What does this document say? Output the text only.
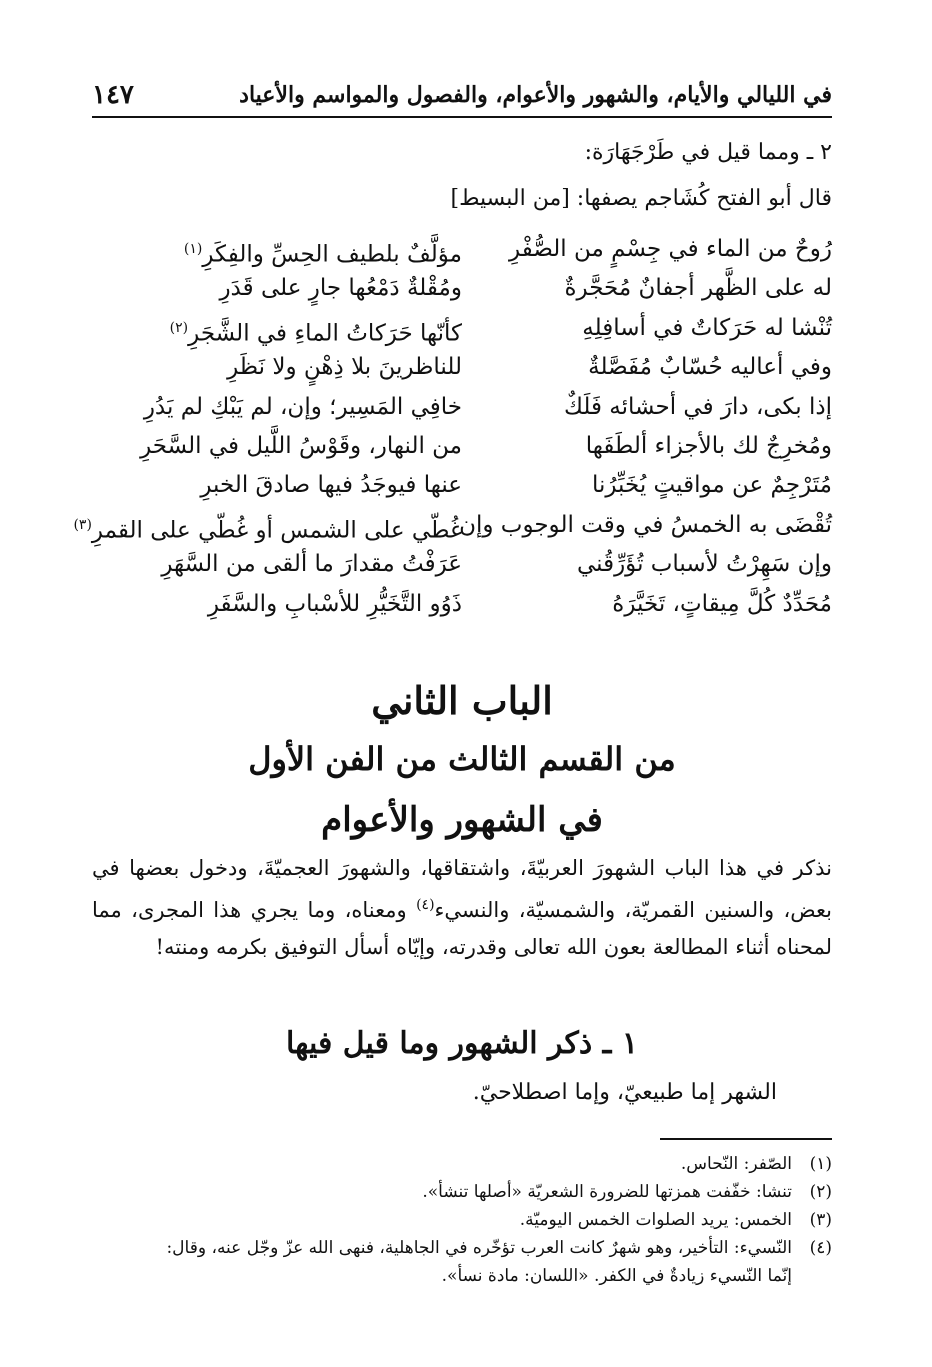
في الليالي والأيام، والشهور والأعوام، والفصول والمواسم والأعياد
١٤٧
٢ ـ ومما قيل في طَرْجَهَارَة:
قال أبو الفتح كُشَاجم يصفها: [من البسيط]
رُوحٌ من الماء في جِسْمٍ من الصُّفْرِ
مؤلَّفٌ بلطيف الحِسِّ والفِكَرِ$^{(١)}$
له على الظَّهر أجفانٌ مُحَجَّرةٌ
ومُقْلةٌ دَمْعُها جارٍ على قَدَرِ
تُنْشا له حَرَكاتٌ في أسافِلِهِ
كأنّها حَرَكاتُ الماءِ في الشَّجَرِ$^{(٢)}$
وفي أعاليه حُسّابٌ مُفَصَّلةٌ
للناظرينَ بلا ذِهْنٍ ولا نَظَرِ
إذا بكى، دارَ في أحشائه فَلَكٌ
خافِي المَسِير؛ وإن، لم يَبْكِ لم يَدُرِ
ومُخرِجٌ لك بالأجزاء ألطَفَها
من النهار، وقَوْسُ اللَّيل في السَّحَرِ
مُتَرْجِمٌ عن مواقيتٍ يُخَبِّرُنا
عنها فيوجَدُ فيها صادقَ الخبرِ
تُقْضَى به الخمسُ في وقت الوجوب وإن
غُطّي على الشمس أو غُطّي على القمرِ$^{(٣)}$
وإن سَهِرْتُ لأسباب تُؤَرِّقُني
عَرَفْتُ مقدارَ ما ألقى من السَّهَرِ
مُحَدِّدٌ كُلَّ مِيقاتٍ، تَخَيَّرَهُ
ذَوُو التَّخَيُّرِ للأسْبابِ والسَّفَرِ
الباب الثاني
من القسم الثالث من الفن الأول
في الشهور والأعوام
نذكر في هذا الباب الشهورَ العربيّةَ، واشتقاقها، والشهورَ العجميّةَ، ودخول بعضها في بعض، والسنين القمريّة، والشمسيّة، والنسيء$^{(٤)}$ ومعناه، وما يجري هذا المجرى، مما لمحناه أثناء المطالعة بعون الله تعالى وقدرته، وإيّاه أسأل التوفيق بكرمه ومنته!
١ ـ ذكر الشهور وما قيل فيها
الشهر إما طبيعيّ، وإما اصطلاحيّ.
(١)الصّفر: النّحاس.
(٢)تنشا: خفّفت همزتها للضرورة الشعريّة «أصلها تنشأ».
(٣)الخمس: يريد الصلوات الخمس اليوميّة.
(٤)النّسيء: التأخير، وهو شهرٌ كانت العرب تؤخّره في الجاهلية، فنهى الله عزّ وجّل عنه، وقال:
إنّما النّسيء زيادةٌ في الكفر. «اللسان: مادة نسأ».
